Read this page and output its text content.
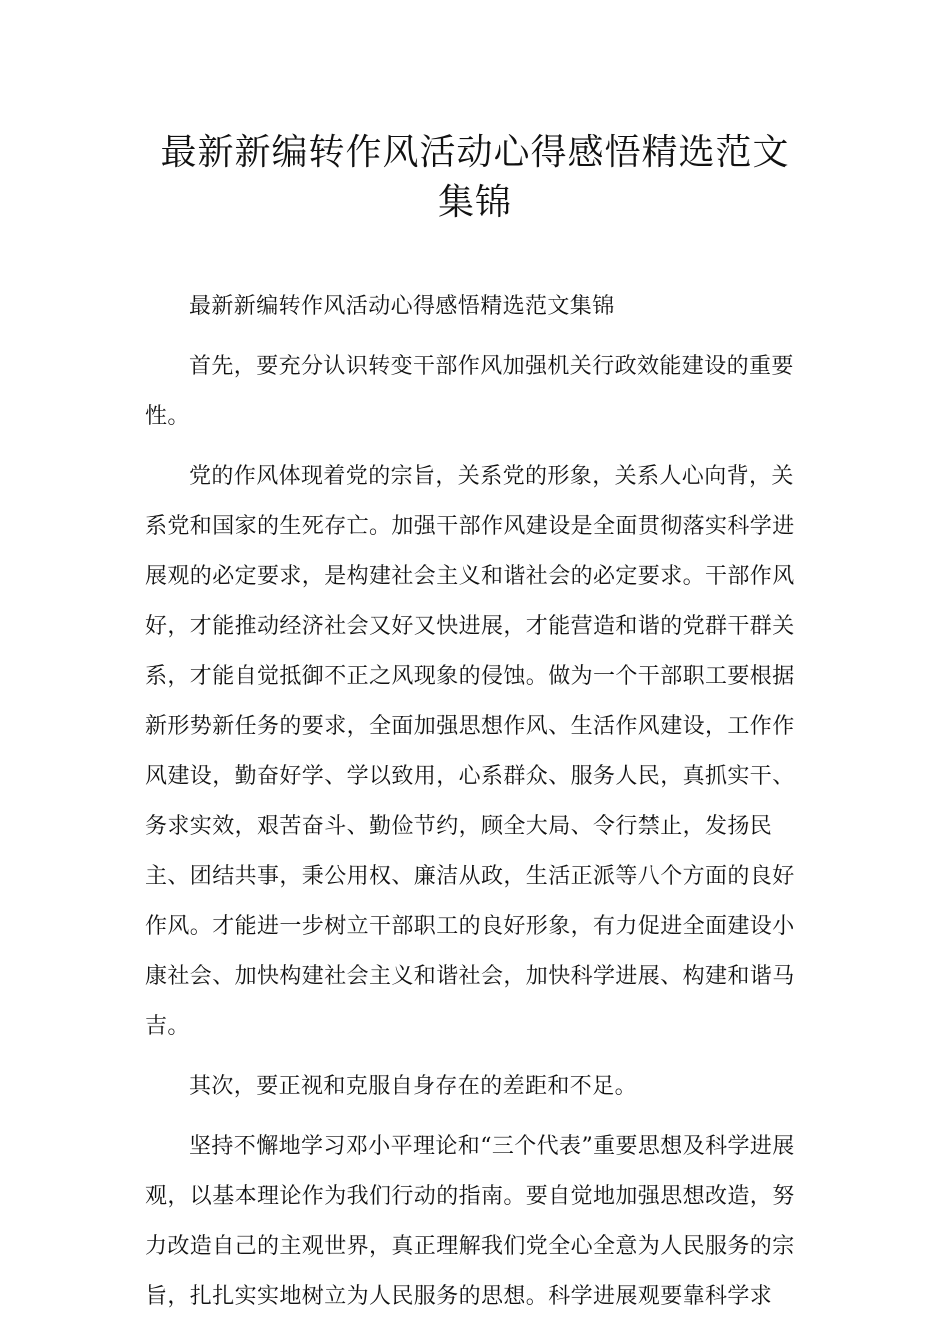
最新新编转作风活动心得感悟精选范文
集锦

最新新编转作风活动心得感悟精选范文集锦

首先，要充分认识转变干部作风加强机关行政效能建设的重要性。

党的作风体现着党的宗旨，关系党的形象，关系人心向背，关系党和国家的生死存亡。加强干部作风建设是全面贯彻落实科学进展观的必定要求，是构建社会主义和谐社会的必定要求。干部作风好，才能推动经济社会又好又快进展，才能营造和谐的党群干群关系，才能自觉抵御不正之风现象的侵蚀。做为一个干部职工要根据新形势新任务的要求，全面加强思想作风、生活作风建设，工作作风建设，勤奋好学、学以致用，心系群众、服务人民，真抓实干、务求实效，艰苦奋斗、勤俭节约，顾全大局、令行禁止，发扬民主、团结共事，秉公用权、廉洁从政，生活正派等八个方面的良好作风。才能进一步树立干部职工的良好形象，有力促进全面建设小康社会、加快构建社会主义和谐社会，加快科学进展、构建和谐马吉。

其次，要正视和克服自身存在的差距和不足。

坚持不懈地学习邓小平理论和“三个代表”重要思想及科学进展观，以基本理论作为我们行动的指南。要自觉地加强思想改造，努力改造自己的主观世界，真正理解我们党全心全意为人民服务的宗旨，扎扎实实地树立为人民服务的思想。科学进展观要靠科学求
